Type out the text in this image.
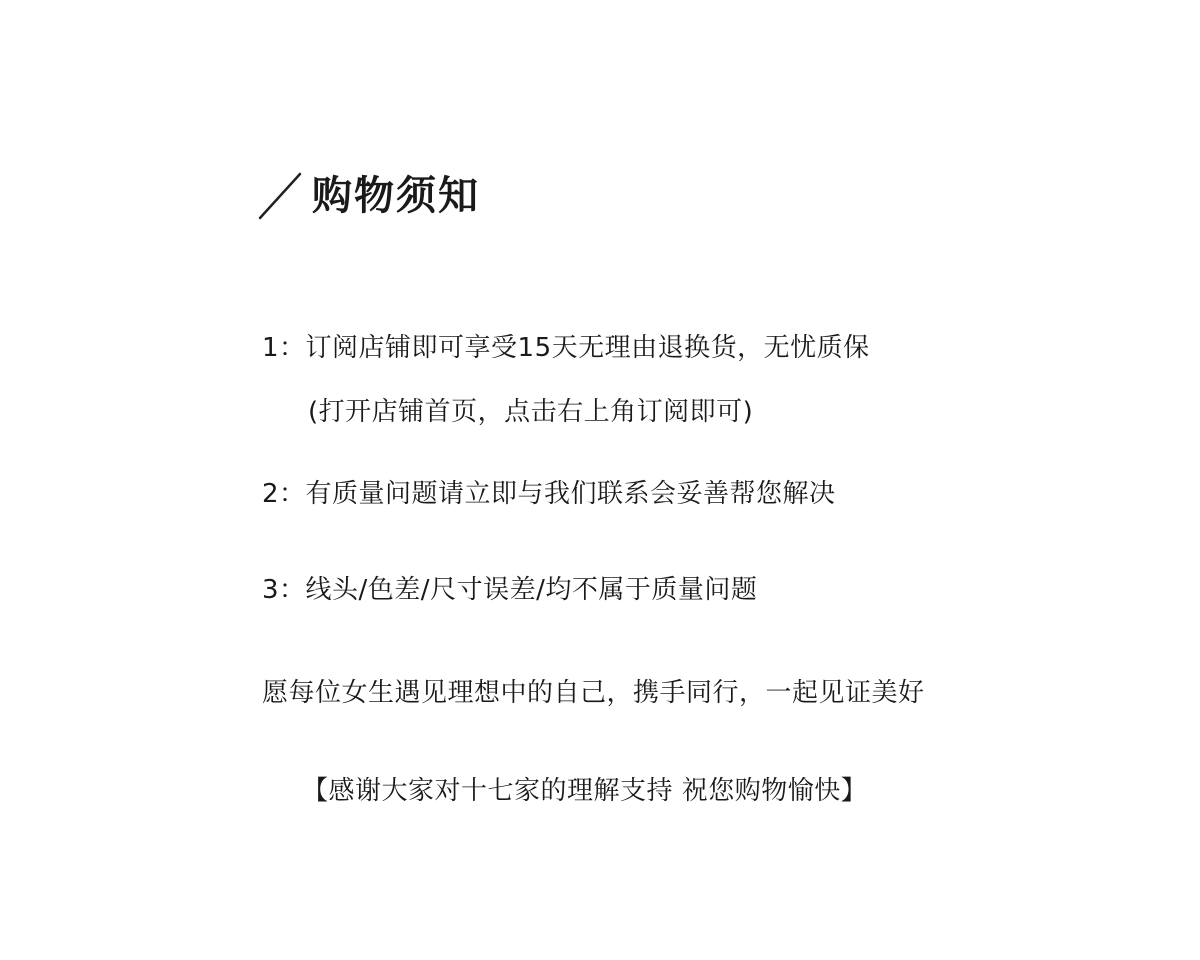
购物须知
1：订阅店铺即可享受15天无理由退换货，无忧质保
(打开店铺首页，点击右上角订阅即可)
2：有质量问题请立即与我们联系会妥善帮您解决
3：线头/色差/尺寸误差/均不属于质量问题
愿每位女生遇见理想中的自己，携手同行，一起见证美好
【感谢大家对十七家的理解支持 祝您购物愉快】
